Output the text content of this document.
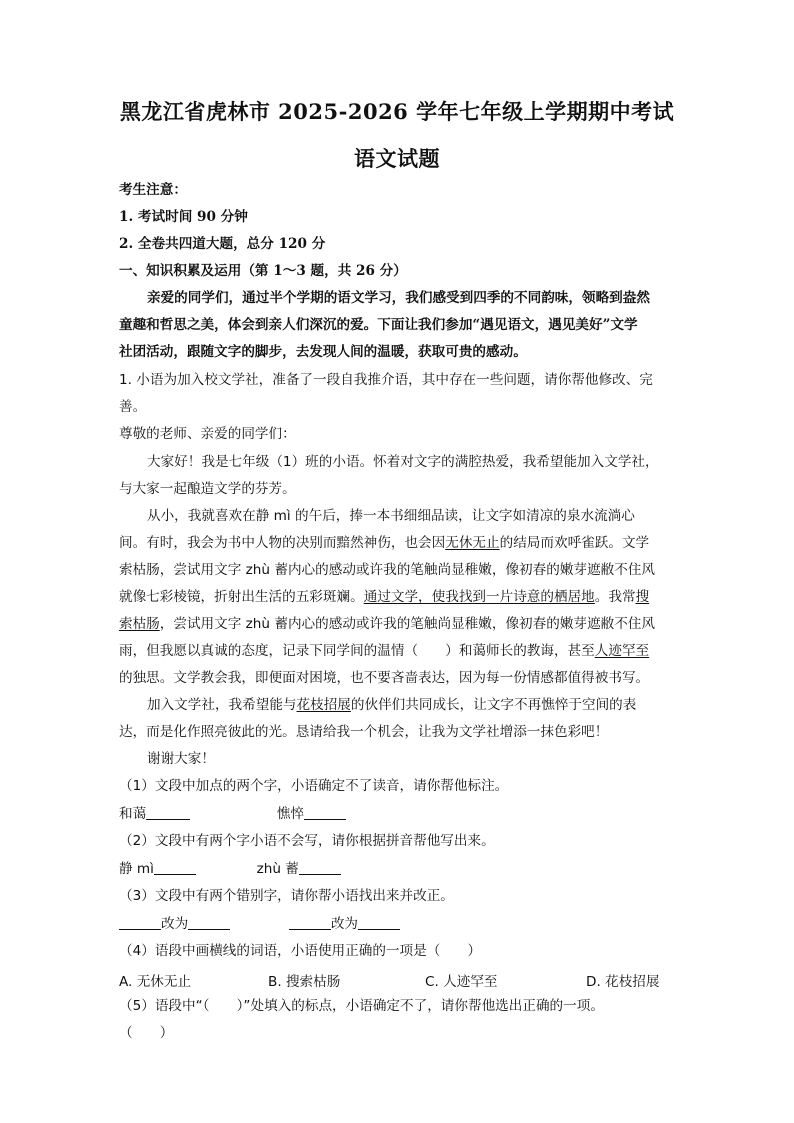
黑龙江省虎林市 2025-2026 学年七年级上学期期中考试
语文试题
考生注意：
1. 考试时间 90 分钟
2. 全卷共四道大题，总分 120 分
一、知识积累及运用（第 1～3 题，共 26 分）
亲爱的同学们，通过半个学期的语文学习，我们感受到四季的不同韵味，领略到盎然
童趣和哲思之美，体会到亲人们深沉的爱。下面让我们参加“遇见语文，遇见美好”文学
社团活动，跟随文字的脚步，去发现人间的温暖，获取可贵的感动。
1. 小语为加入校文学社，准备了一段自我推介语，其中存在一些问题，请你帮他修改、完
善。
尊敬的老师、亲爱的同学们：
大家好！我是七年级（1）班的小语。怀着对文字的满腔热爱，我希望能加入文学社，
与大家一起酿造文学的芬芳。
从小，我就喜欢在静 mì 的午后，捧一本书细细品读，让文字如清凉的泉水流淌心
间。有时，我会为书中人物的决别而黯然神伤，也会因无休无止的结局而欢呼雀跃。文学
索枯肠，尝试用文字 zhù 蓄内心的感动或许我的笔触尚显稚嫩，像初春的嫩芽遮敝不住风
就像七彩棱镜，折射出生活的五彩斑斓。通过文学，使我找到一片诗意的栖居地。我常搜
索枯肠，尝试用文字 zhù 蓄内心的感动或许我的笔触尚显稚嫩，像初春的嫩芽遮敝不住风
雨，但我愿以真诚的态度，记录下同学间的温情（　　）和蔼师长的教诲，甚至人迹罕至
的独思。文学教会我，即便面对困境，也不要吝啬表达，因为每一份情感都值得被书写。
加入文学社，我希望能与花枝招展的伙伴们共同成长，让文字不再憔悴于空间的表
达，而是化作照亮彼此的光。恳请给我一个机会，让我为文学社增添一抹色彩吧！
谢谢大家！
（1）文段中加点的两个字，小语确定不了读音，请你帮他标注。
和蔼	憔悴
（2）文段中有两个字小语不会写，请你根据拼音帮他写出来。
静 mì	zhù 蓄
（3）文段中有两个错别字，请你帮小语找出来并改正。
改为	改为
（4）语段中画横线的词语，小语使用正确的一项是（　　）
A. 无休无止	B. 搜索枯肠	C. 人迹罕至	D. 花枝招展
（5）语段中“（　　）”处填入的标点，小语确定不了，请你帮他选出正确的一项。
（　　）
